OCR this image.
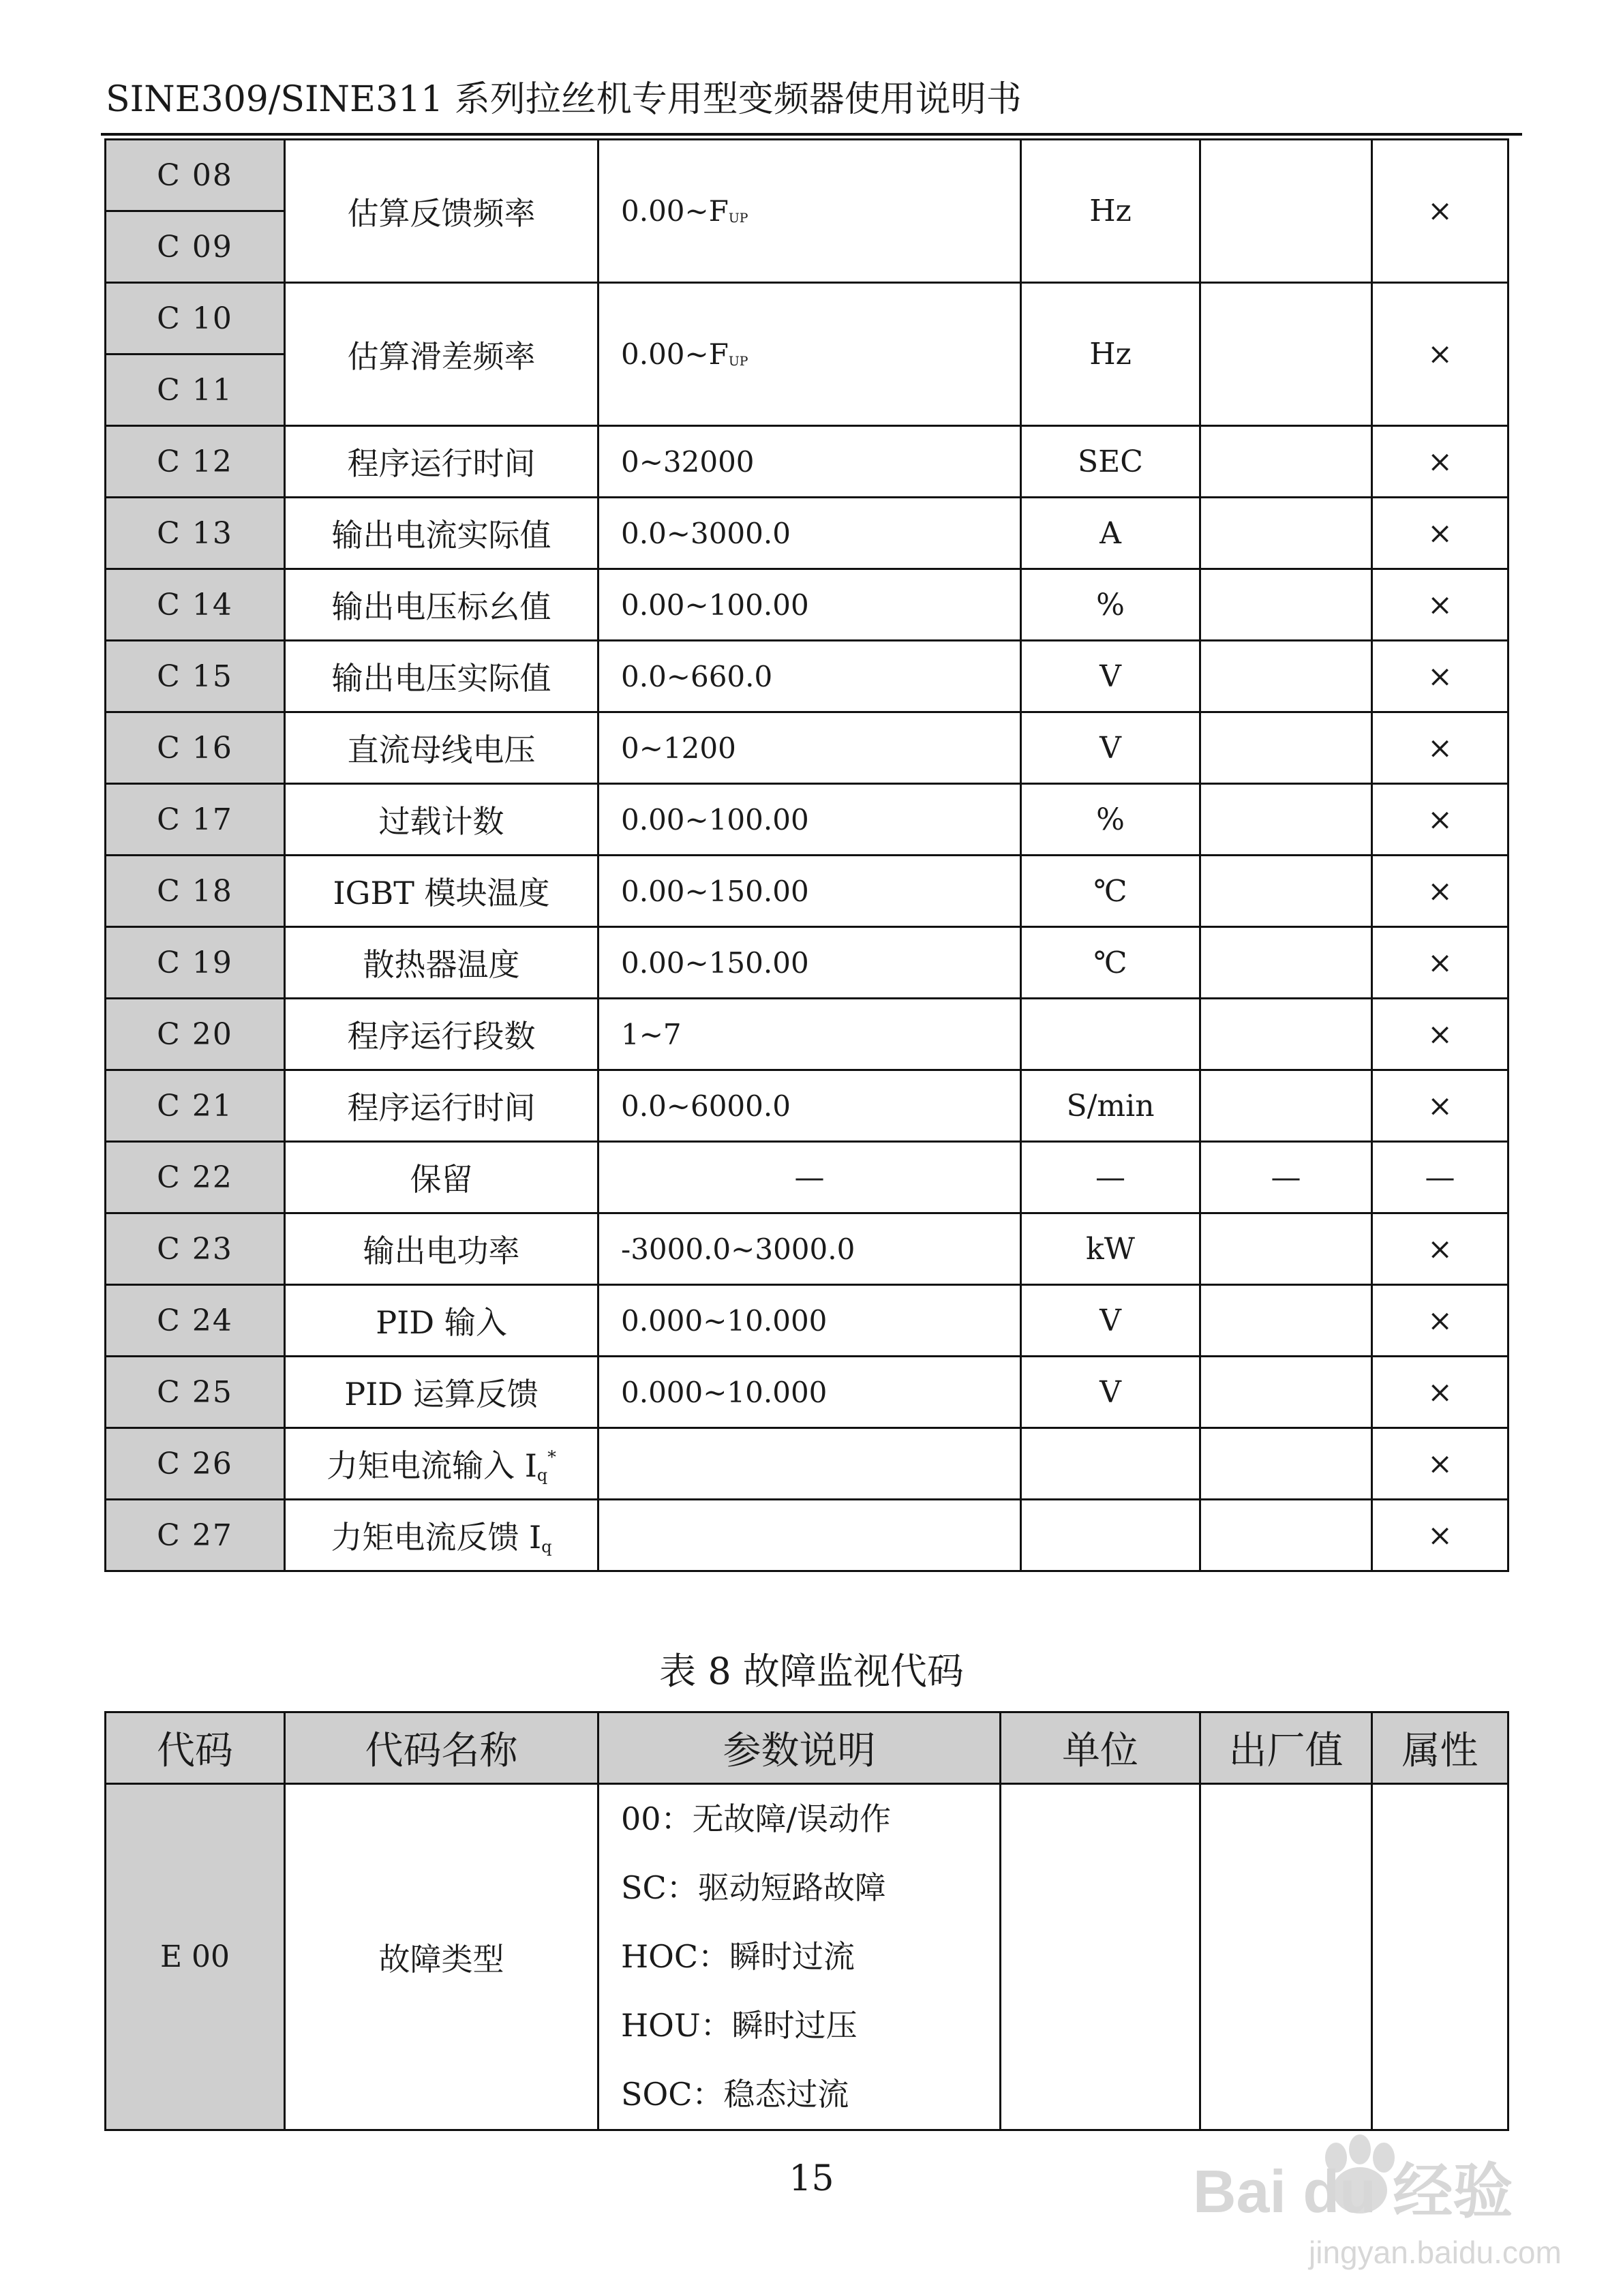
SINE309/SINE311 系列拉丝机专用型变频器使用说明书
C 08	估算反馈频率	0.00~FUP	Hz		×
C 09					
C 10	估算滑差频率	0.00~FUP	Hz		×
C 11					
C 12	程序运行时间	0~32000	SEC		×
C 13	输出电流实际值	0.0~3000.0	A		×
C 14	输出电压标幺值	0.00~100.00	%		×
C 15	输出电压实际值	0.0~660.0	V		×
C 16	直流母线电压	0~1200	V		×
C 17	过载计数	0.00~100.00	%		×
C 18	IGBT 模块温度	0.00~150.00	℃		×
C 19	散热器温度	0.00~150.00	℃		×
C 20	程序运行段数	1~7			×
C 21	程序运行时间	0.0~6000.0	S/min		×
C 22	保留	—	—	—	—
C 23	输出电功率	-3000.0~3000.0	kW		×
C 24	PID 输入	0.000~10.000	V		×
C 25	PID 运算反馈	0.000~10.000	V		×
C 26	力矩电流输入 $I_q^*$				×
C 27	力矩电流反馈 $I_q$				×
表 8 故障监视代码
代码	代码名称	参数说明	单位	出厂值	属性
E 00	故障类型	00：无故障/误动作
SC：驱动短路故障
HOC：瞬时过流
HOU：瞬时过压
SOC：稳态过流			

15	Bai du 经验
jingyan.baidu.com
